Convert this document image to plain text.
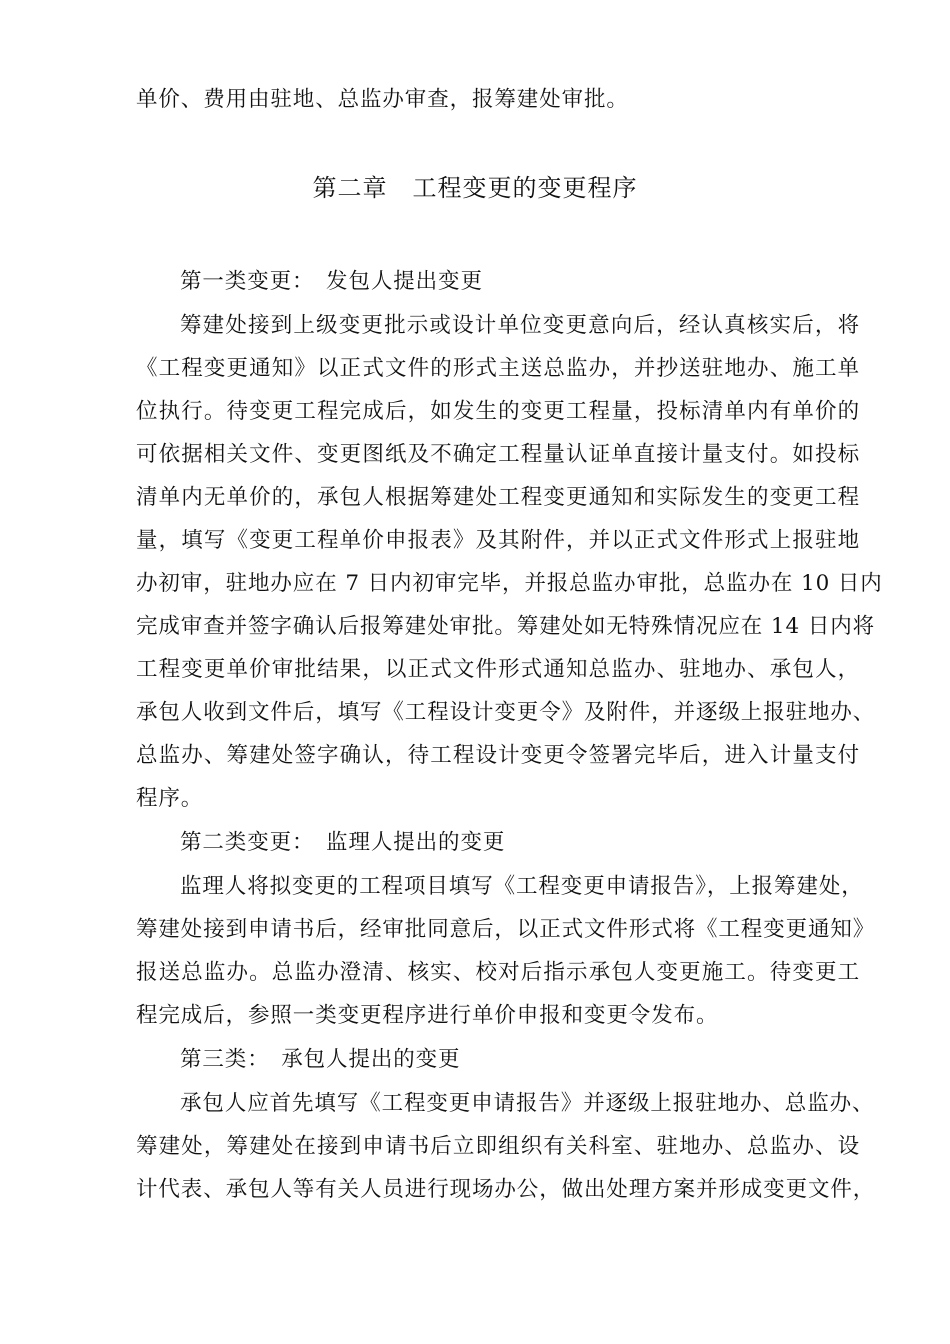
单价、费用由驻地、总监办审查，报筹建处审批。
第二章　工程变更的变更程序
第一类变更：　发包人提出变更
筹建处接到上级变更批示或设计单位变更意向后，经认真核实后，将
《工程变更通知》以正式文件的形式主送总监办，并抄送驻地办、施工单
位执行。待变更工程完成后，如发生的变更工程量，投标清单内有单价的
可依据相关文件、变更图纸及不确定工程量认证单直接计量支付。如投标
清单内无单价的，承包人根据筹建处工程变更通知和实际发生的变更工程
量，填写《变更工程单价申报表》及其附件，并以正式文件形式上报驻地
办初审，驻地办应在 7 日内初审完毕，并报总监办审批，总监办在 10 日内
完成审查并签字确认后报筹建处审批。筹建处如无特殊情况应在 14 日内将
工程变更单价审批结果，以正式文件形式通知总监办、驻地办、承包人，
承包人收到文件后，填写《工程设计变更令》及附件，并逐级上报驻地办、
总监办、筹建处签字确认，待工程设计变更令签署完毕后，进入计量支付
程序。
第二类变更：　监理人提出的变更
监理人将拟变更的工程项目填写《工程变更申请报告》，上报筹建处，
筹建处接到申请书后，经审批同意后，以正式文件形式将《工程变更通知》
报送总监办。总监办澄清、核实、校对后指示承包人变更施工。待变更工
程完成后，参照一类变更程序进行单价申报和变更令发布。
第三类：　承包人提出的变更
承包人应首先填写《工程变更申请报告》并逐级上报驻地办、总监办、
筹建处，筹建处在接到申请书后立即组织有关科室、驻地办、总监办、设
计代表、承包人等有关人员进行现场办公，做出处理方案并形成变更文件，
